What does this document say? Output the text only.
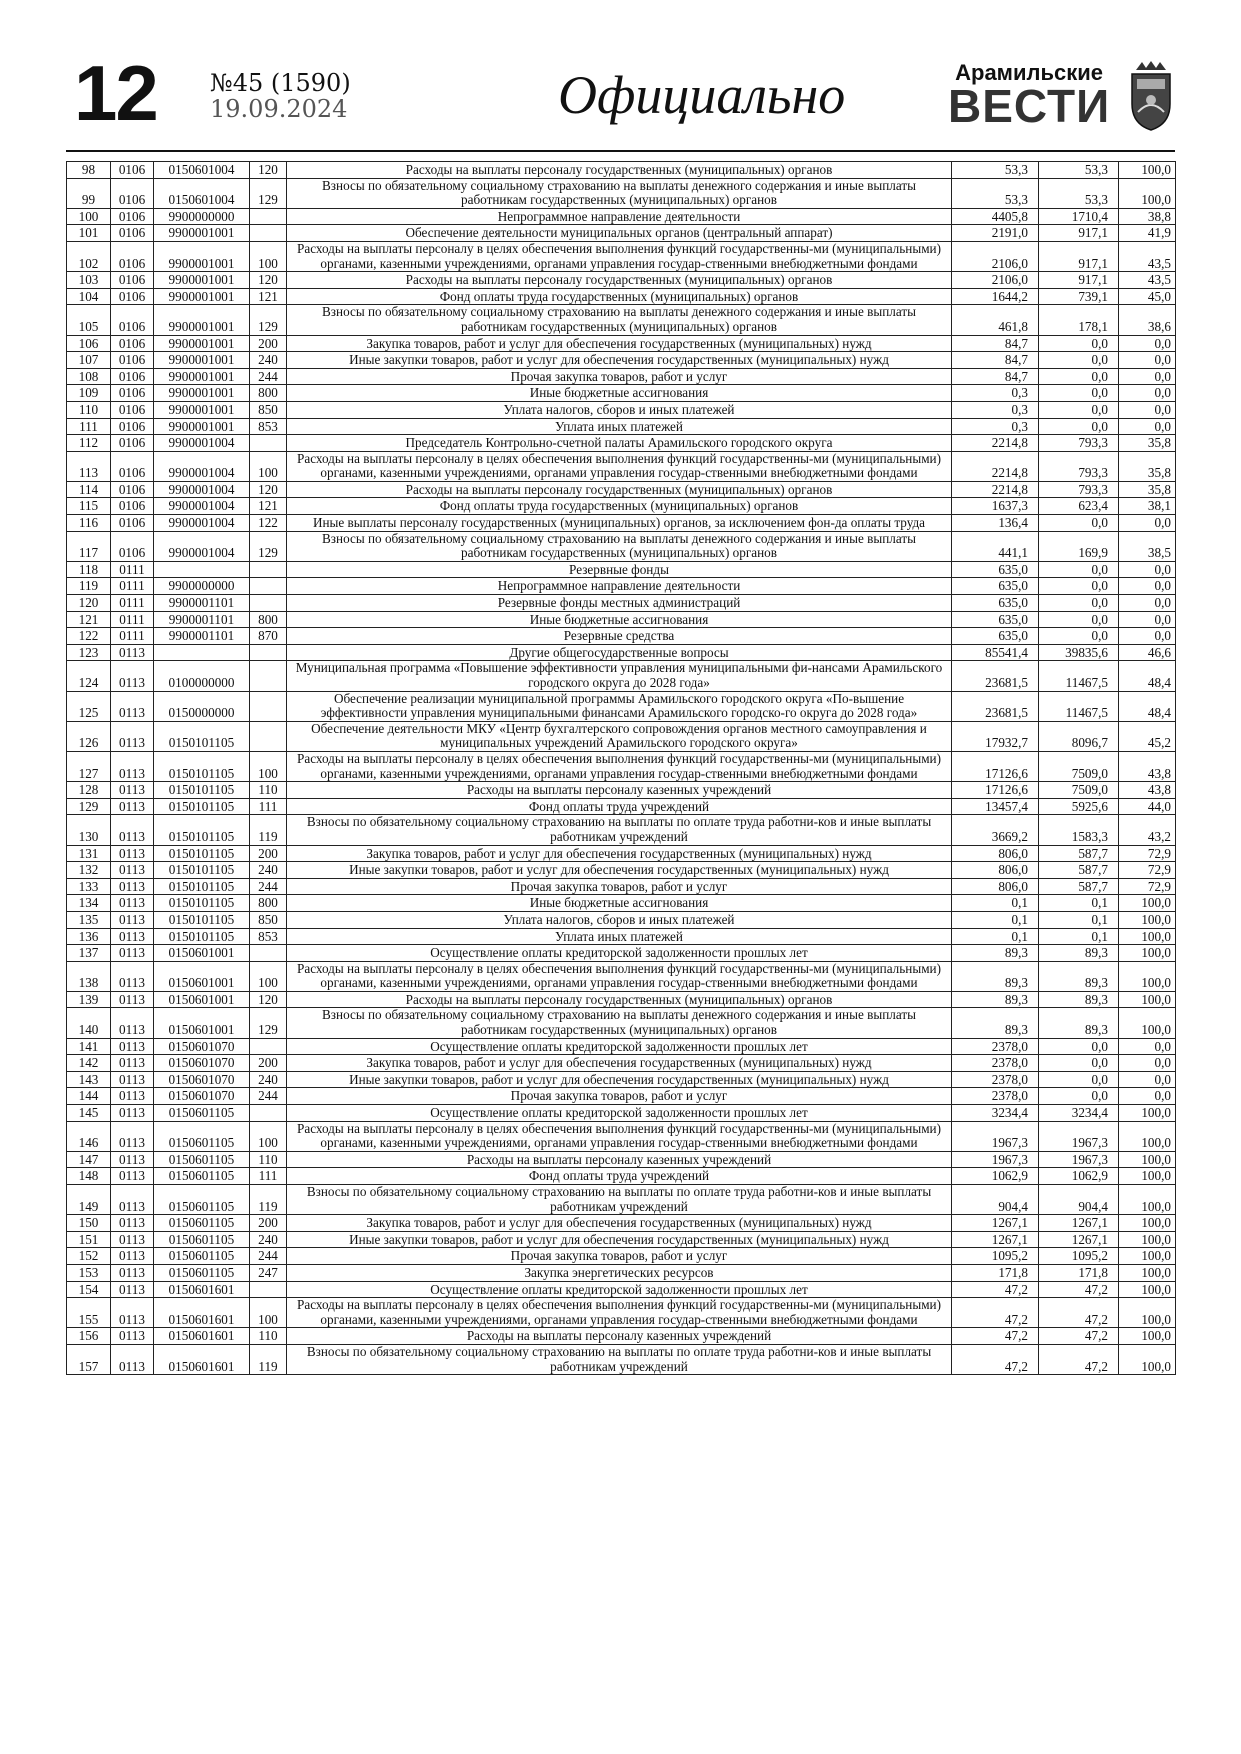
12 №45 (1590)
19.09.2024	Официально	Арамильские
ВЕСТИ
98	0106	0150601004	120	Расходы на выплаты персоналу государственных (муниципальных) органов	53,3	53,3	100,0
99	0106	0150601004	129	Взносы по обязательному социальному страхованию на выплаты денежного содержания и иные выплаты работникам государственных (муниципальных) органов	53,3	53,3	100,0
100	0106	9900000000		Непрограммное направление деятельности	4405,8	1710,4	38,8
101	0106	9900001001		Обеспечение деятельности муниципальных органов (центральный аппарат)	2191,0	917,1	41,9
102	0106	9900001001	100	Расходы на выплаты персоналу в целях обеспечения выполнения функций государственны-ми (муниципальными) органами, казенными учреждениями, органами управления государ-ственными внебюджетными фондами	2106,0	917,1	43,5
103	0106	9900001001	120	Расходы на выплаты персоналу государственных (муниципальных) органов	2106,0	917,1	43,5
104	0106	9900001001	121	Фонд оплаты труда государственных (муниципальных) органов	1644,2	739,1	45,0
105	0106	9900001001	129	Взносы по обязательному социальному страхованию на выплаты денежного содержания и иные выплаты работникам государственных (муниципальных) органов	461,8	178,1	38,6
106	0106	9900001001	200	Закупка товаров, работ и услуг для обеспечения государственных (муниципальных) нужд	84,7	0,0	0,0
107	0106	9900001001	240	Иные закупки товаров, работ и услуг для обеспечения государственных (муниципальных) нужд	84,7	0,0	0,0
108	0106	9900001001	244	Прочая закупка товаров, работ и услуг	84,7	0,0	0,0
109	0106	9900001001	800	Иные бюджетные ассигнования	0,3	0,0	0,0
110	0106	9900001001	850	Уплата налогов, сборов и иных платежей	0,3	0,0	0,0
111	0106	9900001001	853	Уплата иных платежей	0,3	0,0	0,0
112	0106	9900001004		Председатель Контрольно-счетной палаты Арамильского городского округа	2214,8	793,3	35,8
113	0106	9900001004	100	Расходы на выплаты персоналу в целях обеспечения выполнения функций государственны-ми (муниципальными) органами, казенными учреждениями, органами управления государ-ственными внебюджетными фондами	2214,8	793,3	35,8
114	0106	9900001004	120	Расходы на выплаты персоналу государственных (муниципальных) органов	2214,8	793,3	35,8
115	0106	9900001004	121	Фонд оплаты труда государственных (муниципальных) органов	1637,3	623,4	38,1
116	0106	9900001004	122	Иные выплаты персоналу государственных (муниципальных) органов, за исключением фон-да оплаты труда	136,4	0,0	0,0
117	0106	9900001004	129	Взносы по обязательному социальному страхованию на выплаты денежного содержания и иные выплаты работникам государственных (муниципальных) органов	441,1	169,9	38,5
118	0111			Резервные фонды	635,0	0,0	0,0
119	0111	9900000000		Непрограммное направление деятельности	635,0	0,0	0,0
120	0111	9900001101		Резервные фонды местных администраций	635,0	0,0	0,0
121	0111	9900001101	800	Иные бюджетные ассигнования	635,0	0,0	0,0
122	0111	9900001101	870	Резервные средства	635,0	0,0	0,0
123	0113			Другие общегосударственные вопросы	85541,4	39835,6	46,6
124	0113	0100000000		Муниципальная программа «Повышение эффективности управления муниципальными фи-нансами Арамильского городского округа до 2028 года»	23681,5	11467,5	48,4
125	0113	0150000000		Обеспечение реализации муниципальной программы Арамильского городского округа «По-вышение эффективности управления муниципальными финансами Арамильского городско-го округа до 2028 года»	23681,5	11467,5	48,4
126	0113	0150101105		Обеспечение деятельности МКУ «Центр бухгалтерского сопровождения органов местного самоуправления и муниципальных учреждений Арамильского городского округа»	17932,7	8096,7	45,2
127	0113	0150101105	100	Расходы на выплаты персоналу в целях обеспечения выполнения функций государственны-ми (муниципальными) органами, казенными учреждениями, органами управления государ-ственными внебюджетными фондами	17126,6	7509,0	43,8
128	0113	0150101105	110	Расходы на выплаты персоналу казенных учреждений	17126,6	7509,0	43,8
129	0113	0150101105	111	Фонд оплаты труда учреждений	13457,4	5925,6	44,0
130	0113	0150101105	119	Взносы по обязательному социальному страхованию на выплаты по оплате труда работни-ков и иные выплаты работникам учреждений	3669,2	1583,3	43,2
131	0113	0150101105	200	Закупка товаров, работ и услуг для обеспечения государственных (муниципальных) нужд	806,0	587,7	72,9
132	0113	0150101105	240	Иные закупки товаров, работ и услуг для обеспечения государственных (муниципальных) нужд	806,0	587,7	72,9
133	0113	0150101105	244	Прочая закупка товаров, работ и услуг	806,0	587,7	72,9
134	0113	0150101105	800	Иные бюджетные ассигнования	0,1	0,1	100,0
135	0113	0150101105	850	Уплата налогов, сборов и иных платежей	0,1	0,1	100,0
136	0113	0150101105	853	Уплата иных платежей	0,1	0,1	100,0
137	0113	0150601001		Осуществление оплаты кредиторской задолженности прошлых лет	89,3	89,3	100,0
138	0113	0150601001	100	Расходы на выплаты персоналу в целях обеспечения выполнения функций государственны-ми (муниципальными) органами, казенными учреждениями, органами управления государ-ственными внебюджетными фондами	89,3	89,3	100,0
139	0113	0150601001	120	Расходы на выплаты персоналу государственных (муниципальных) органов	89,3	89,3	100,0
140	0113	0150601001	129	Взносы по обязательному социальному страхованию на выплаты денежного содержания и иные выплаты работникам государственных (муниципальных) органов	89,3	89,3	100,0
141	0113	0150601070		Осуществление оплаты кредиторской задолженности прошлых лет	2378,0	0,0	0,0
142	0113	0150601070	200	Закупка товаров, работ и услуг для обеспечения государственных (муниципальных) нужд	2378,0	0,0	0,0
143	0113	0150601070	240	Иные закупки товаров, работ и услуг для обеспечения государственных (муниципальных) нужд	2378,0	0,0	0,0
144	0113	0150601070	244	Прочая закупка товаров, работ и услуг	2378,0	0,0	0,0
145	0113	0150601105		Осуществление оплаты кредиторской задолженности прошлых лет	3234,4	3234,4	100,0
146	0113	0150601105	100	Расходы на выплаты персоналу в целях обеспечения выполнения функций государственны-ми (муниципальными) органами, казенными учреждениями, органами управления государ-ственными внебюджетными фондами	1967,3	1967,3	100,0
147	0113	0150601105	110	Расходы на выплаты персоналу казенных учреждений	1967,3	1967,3	100,0
148	0113	0150601105	111	Фонд оплаты труда учреждений	1062,9	1062,9	100,0
149	0113	0150601105	119	Взносы по обязательному социальному страхованию на выплаты по оплате труда работни-ков и иные выплаты работникам учреждений	904,4	904,4	100,0
150	0113	0150601105	200	Закупка товаров, работ и услуг для обеспечения государственных (муниципальных) нужд	1267,1	1267,1	100,0
151	0113	0150601105	240	Иные закупки товаров, работ и услуг для обеспечения государственных (муниципальных) нужд	1267,1	1267,1	100,0
152	0113	0150601105	244	Прочая закупка товаров, работ и услуг	1095,2	1095,2	100,0
153	0113	0150601105	247	Закупка энергетических ресурсов	171,8	171,8	100,0
154	0113	0150601601		Осуществление оплаты кредиторской задолженности прошлых лет	47,2	47,2	100,0
155	0113	0150601601	100	Расходы на выплаты персоналу в целях обеспечения выполнения функций государственны-ми (муниципальными) органами, казенными учреждениями, органами управления государ-ственными внебюджетными фондами	47,2	47,2	100,0
156	0113	0150601601	110	Расходы на выплаты персоналу казенных учреждений	47,2	47,2	100,0
157	0113	0150601601	119	Взносы по обязательному социальному страхованию на выплаты по оплате труда работни-ков и иные выплаты работникам учреждений	47,2	47,2	100,0
